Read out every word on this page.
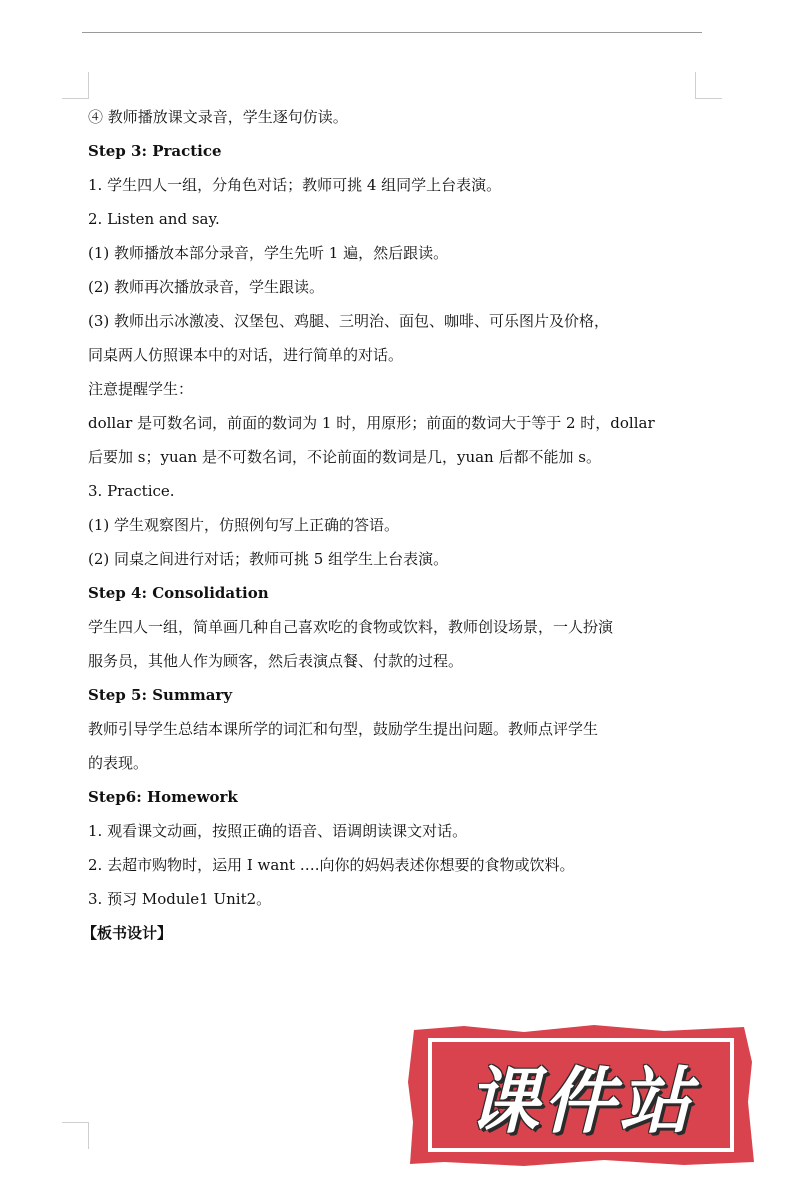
④ 教师播放课文录音，学生逐句仿读。
Step 3: Practice
1. 学生四人一组，分角色对话；教师可挑 4 组同学上台表演。
2. Listen and say.
(1) 教师播放本部分录音，学生先听 1 遍，然后跟读。
(2) 教师再次播放录音，学生跟读。
(3) 教师出示冰激凌、汉堡包、鸡腿、三明治、面包、咖啡、可乐图片及价格，
同桌两人仿照课本中的对话，进行简单的对话。
注意提醒学生：
dollar 是可数名词，前面的数词为 1 时，用原形；前面的数词大于等于 2 时，dollar
后要加 s；yuan 是不可数名词，不论前面的数词是几，yuan 后都不能加 s。
3. Practice.
(1) 学生观察图片，仿照例句写上正确的答语。
(2) 同桌之间进行对话；教师可挑 5 组学生上台表演。
Step 4: Consolidation
学生四人一组，简单画几种自己喜欢吃的食物或饮料，教师创设场景，一人扮演
服务员，其他人作为顾客，然后表演点餐、付款的过程。
Step 5: Summary
教师引导学生总结本课所学的词汇和句型，鼓励学生提出问题。教师点评学生
的表现。
Step6: Homework
1. 观看课文动画，按照正确的语音、语调朗读课文对话。
2. 去超市购物时，运用 I want ….向你的妈妈表述你想要的食物或饮料。
3. 预习 Module1 Unit2。
【板书设计】
课件站
